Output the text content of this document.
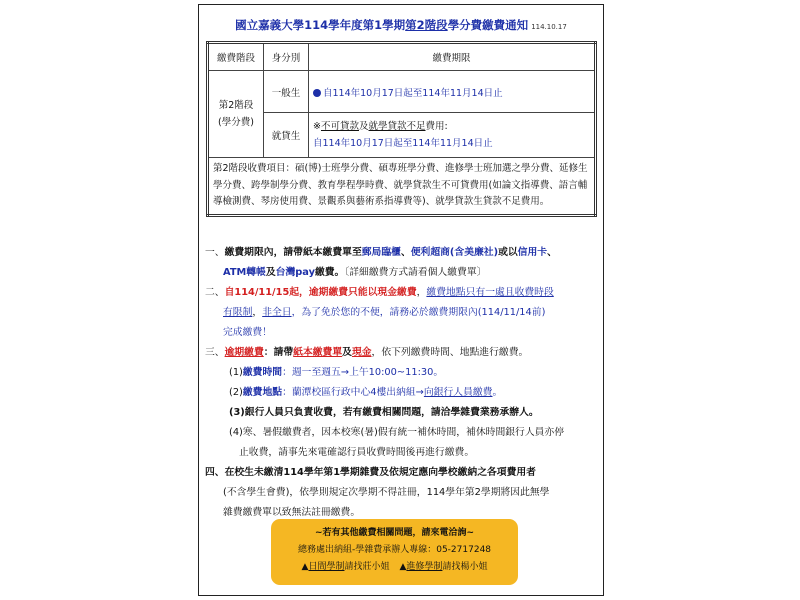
國立嘉義大學114學年度第1學期第2階段學分費繳費通知 114.10.17
繳費階段	身分別	繳費期限

第2階段
(學分費)	一般生	自114年10月17日起至114年11月14日止
	就貸生	※不可貸款及就學貸款不足費用:
自114年10月17日起至114年11月14日止

第2階段收費項目：碩(博)士班學分費、碩專班學分費、進修學士班加選之學分費、延修生學分費、跨學制學分費、教育學程學時費、就學貸款生不可貸費用(如論文指導費、語言輔導檢測費、琴房使用費、景觀系與藝術系指導費等)、就學貸款生貸款不足費用。		
一、繳費期限內，請帶紙本繳費單至郵局臨櫃、便利超商(含美廉社)或以信用卡、
ATM轉帳及台灣pay繳費。〔詳細繳費方式請看個人繳費單〕
二、自114/11/15起，逾期繳費只能以現金繳費，繳費地點只有一處且收費時段
有限制，非全日，為了免於您的不便，請務必於繳費期限內(114/11/14前)
完成繳費！
三、逾期繳費：請帶紙本繳費單及現金，依下列繳費時間、地點進行繳費。
(1)繳費時間：週一至週五→上午10:00~11:30。
(2)繳費地點：蘭潭校區行政中心4樓出納組→向銀行人員繳費。
(3)銀行人員只負責收費，若有繳費相關問題，請洽學雜費業務承辦人。
(4)寒、暑假繳費者，因本校寒(暑)假有統一補休時間，補休時間銀行人員亦停
止收費，請事先來電確認行員收費時間後再進行繳費。
四、在校生未繳清114學年第1學期雜費及依規定應向學校繳納之各項費用者
(不含學生會費)，依學則規定次學期不得註冊，114學年第2學期將因此無學
雜費繳費單以致無法註冊繳費。
~若有其他繳費相關問題，請來電洽詢~
總務處出納組-學雜費承辦人專線：05-2717248
▲日間學制請找莊小姐 ▲進修學制請找楊小姐
